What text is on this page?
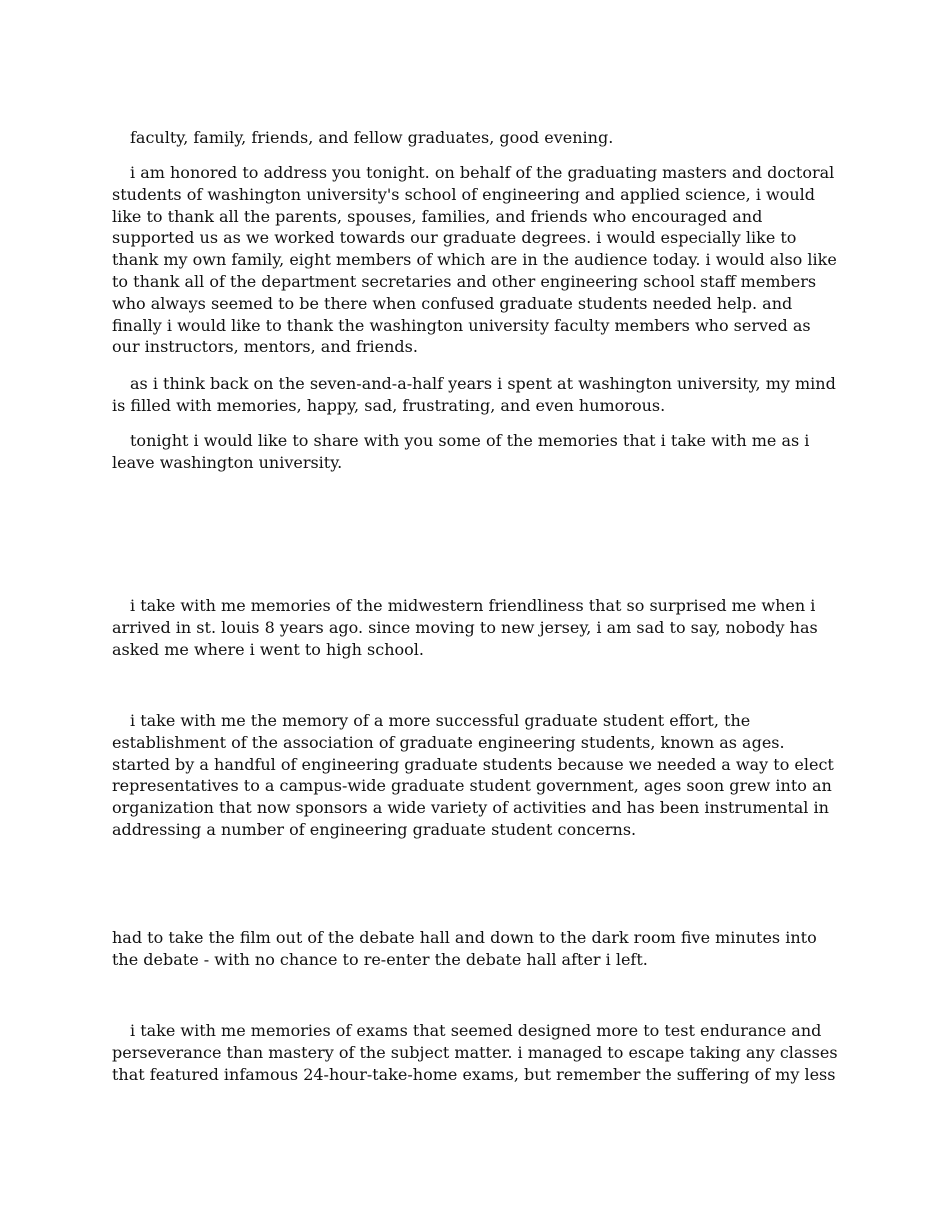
faculty, family, friends, and fellow graduates, good evening.

i am honored to address you tonight. on behalf of the graduating masters and doctoral students of washington university's school of engineering and applied science, i would like to thank all the parents, spouses, families, and friends who encouraged and supported us as we worked towards our graduate degrees. i would especially like to thank my own family, eight members of which are in the audience today. i would also like to thank all of the department secretaries and other engineering school staff members who always seemed to be there when confused graduate students needed help. and finally i would like to thank the washington university faculty members who served as our instructors, mentors, and friends.

as i think back on the seven-and-a-half years i spent at washington university, my mind is filled with memories, happy, sad, frustrating, and even humorous.

tonight i would like to share with you some of the memories that i take with me as i leave washington university.

i take with me memories of the midwestern friendliness that so surprised me when i arrived in st. louis 8 years ago. since moving to new jersey, i am sad to say, nobody has asked me where i went to high school.

i take with me the memory of a more successful graduate student effort, the establishment of the association of graduate engineering students, known as ages. started by a handful of engineering graduate students because we needed a way to elect representatives to a campus-wide graduate student government, ages soon grew into an organization that now sponsors a wide variety of activities and has been instrumental in addressing a number of engineering graduate student concerns.

had to take the film out of the debate hall and down to the dark room five minutes into the debate - with no chance to re-enter the debate hall after i left.

i take with me memories of exams that seemed designed more to test endurance and perseverance than mastery of the subject matter. i managed to escape taking any classes that featured infamous 24-hour-take-home exams, but remember the suffering of my less
